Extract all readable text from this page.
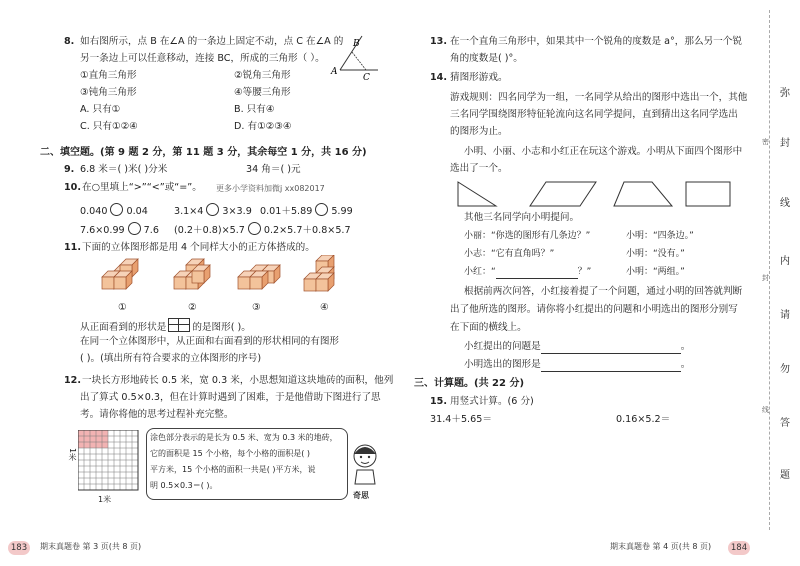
8. 如右图所示，点 B 在∠A 的一条边上固定不动，点 C 在∠A 的
另一条边上可以任意移动，连接 BC，所成的三角形（ ）。
①直角三角形	②锐角三角形
③钝角三角形	④等腰三角形
A. 只有①	B. 只有④
C. 只有①②④	D. 有①②③④
A
B
C
二、填空题。(第 9 题 2 分，第 11 题 3 分，其余每空 1 分，共 16 分)
9. 6.8 米＝( )米( )分米	34 角＝( )元
10. 在○里填上“>”“<”或“=”。 更多小学资料加微j xx082017
0.040 0.04	3.1×4 3×3.9 0.01＋5.89 5.99
7.6×0.99 7.6 (0.2＋0.8)×5.7 0.2×5.7＋0.8×5.7
11. 下面的立体图形都是用 4 个同样大小的正方体搭成的。
①	②	③	④
从正面看到的形状是	的是图形( )。
在同一个立体图形中，从正面和右面看到的形状相同的有图形
( )。(填出所有符合要求的立体图形的序号)
12. 一块长方形地砖长 0.5 米，宽 0.3 米，小思想知道这块地砖的面积，他列
出了算式 0.5×0.3，但在计算时遇到了困难，于是他借助下图进行了思
考。请你将他的思考过程补充完整。
1米
1米
涂色部分表示的是长为 0.5 米、宽为 0.3 米的地砖，
它的面积是 15 个小格，每个小格的面积是( )
平方米，15 个小格的面积一共是( )平方米，说
明 0.5×0.3＝( )。
奇思
183	期末真题卷 第 3 页(共 8 页)
13. 在一个直角三角形中，如果其中一个锐角的度数是 a°，那么另一个锐
角的度数是( )°。
14. 猜图形游戏。
游戏规则：四名同学为一组，一名同学从给出的图形中选出一个，其他
三名同学围绕图形特征轮流向这名同学提问，直到猜出这名同学选出
的图形为止。
小明、小丽、小志和小红正在玩这个游戏。小明从下面四个图形中
选出了一个。
其他三名同学向小明提问。
小丽：“你选的图形有几条边？”	小明：“四条边。”
小志：“它有直角吗？”	小明：“没有。”
小红：“	？”	小明：“两组。”
根据前两次问答，小红接着提了一个问题，通过小明的回答就判断
出了他所选的图形。请你将小红提出的问题和小明选出的图形分别写
在下面的横线上。
小红提出的问题是	。
小明选出的图形是	。
三、计算题。(共 22 分)
15. 用竖式计算。(6 分)
31.4＋5.65＝	0.16×5.2＝
弥
封
线
内
请
勿
答
题
密
封
线
期末真题卷 第 4 页(共 8 页)	184
